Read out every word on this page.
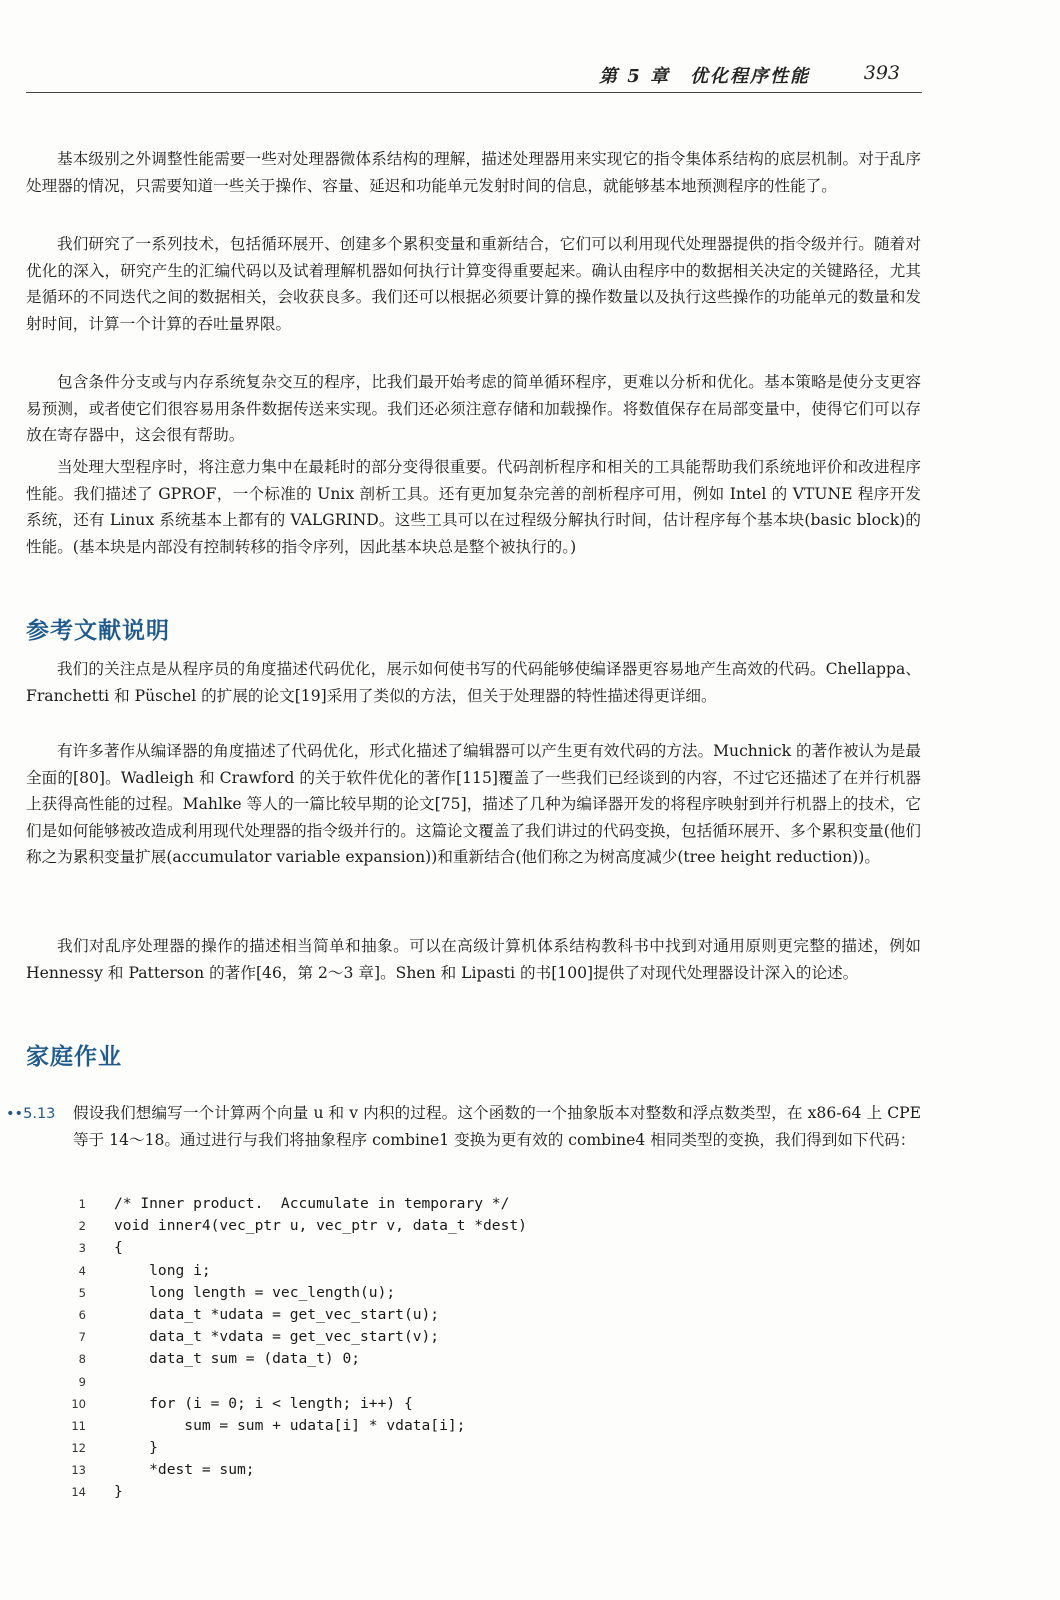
第 5 章　优化程序性能	393

基本级别之外调整性能需要一些对处理器微体系结构的理解，描述处理器用来实现它的指令集体系结构的底层机制。对于乱序处理器的情况，只需要知道一些关于操作、容量、延迟和功能单元发射时间的信息，就能够基本地预测程序的性能了。

我们研究了一系列技术，包括循环展开、创建多个累积变量和重新结合，它们可以利用现代处理器提供的指令级并行。随着对优化的深入，研究产生的汇编代码以及试着理解机器如何执行计算变得重要起来。确认由程序中的数据相关决定的关键路径，尤其是循环的不同迭代之间的数据相关，会收获良多。我们还可以根据必须要计算的操作数量以及执行这些操作的功能单元的数量和发射时间，计算一个计算的吞吐量界限。

包含条件分支或与内存系统复杂交互的程序，比我们最开始考虑的简单循环程序，更难以分析和优化。基本策略是使分支更容易预测，或者使它们很容易用条件数据传送来实现。我们还必须注意存储和加载操作。将数值保存在局部变量中，使得它们可以存放在寄存器中，这会很有帮助。

当处理大型程序时，将注意力集中在最耗时的部分变得很重要。代码剖析程序和相关的工具能帮助我们系统地评价和改进程序性能。我们描述了 GPROF，一个标准的 Unix 剖析工具。还有更加复杂完善的剖析程序可用，例如 Intel 的 VTUNE 程序开发系统，还有 Linux 系统基本上都有的 VALGRIND。这些工具可以在过程级分解执行时间，估计程序每个基本块(basic block)的性能。(基本块是内部没有控制转移的指令序列，因此基本块总是整个被执行的。)

参考文献说明

我们的关注点是从程序员的角度描述代码优化，展示如何使书写的代码能够使编译器更容易地产生高效的代码。Chellappa、Franchetti 和 Püschel 的扩展的论文[19]采用了类似的方法，但关于处理器的特性描述得更详细。

有许多著作从编译器的角度描述了代码优化，形式化描述了编辑器可以产生更有效代码的方法。Muchnick 的著作被认为是最全面的[80]。Wadleigh 和 Crawford 的关于软件优化的著作[115]覆盖了一些我们已经谈到的内容，不过它还描述了在并行机器上获得高性能的过程。Mahlke 等人的一篇比较早期的论文[75]，描述了几种为编译器开发的将程序映射到并行机器上的技术，它们是如何能够被改造成利用现代处理器的指令级并行的。这篇论文覆盖了我们讲过的代码变换，包括循环展开、多个累积变量(他们称之为累积变量扩展(accumulator variable expansion))和重新结合(他们称之为树高度减少(tree height reduction))。

我们对乱序处理器的操作的描述相当简单和抽象。可以在高级计算机体系结构教科书中找到对通用原则更完整的描述，例如 Hennessy 和 Patterson 的著作[46，第 2～3 章]。Shen 和 Lipasti 的书[100]提供了对现代处理器设计深入的论述。

家庭作业
••5.13 假设我们想编写一个计算两个向量 u 和 v 内积的过程。这个函数的一个抽象版本对整数和浮点数类型，在 x86-64 上 CPE 等于 14～18。通过进行与我们将抽象程序 combine1 变换为更有效的 combine4 相同类型的变换，我们得到如下代码：

1 /* Inner product.  Accumulate in temporary */
2 void inner4(vec_ptr u, vec_ptr v, data_t *dest)
3 {
4 long i;
5 long length = vec_length(u);
6 data_t *udata = get_vec_start(u);
7 data_t *vdata = get_vec_start(v);
8 data_t sum = (data_t) 0;
9
10 for (i = 0; i < length; i++) {
11 sum = sum + udata[i] * vdata[i];
12 }
13 *dest = sum;
14 }
